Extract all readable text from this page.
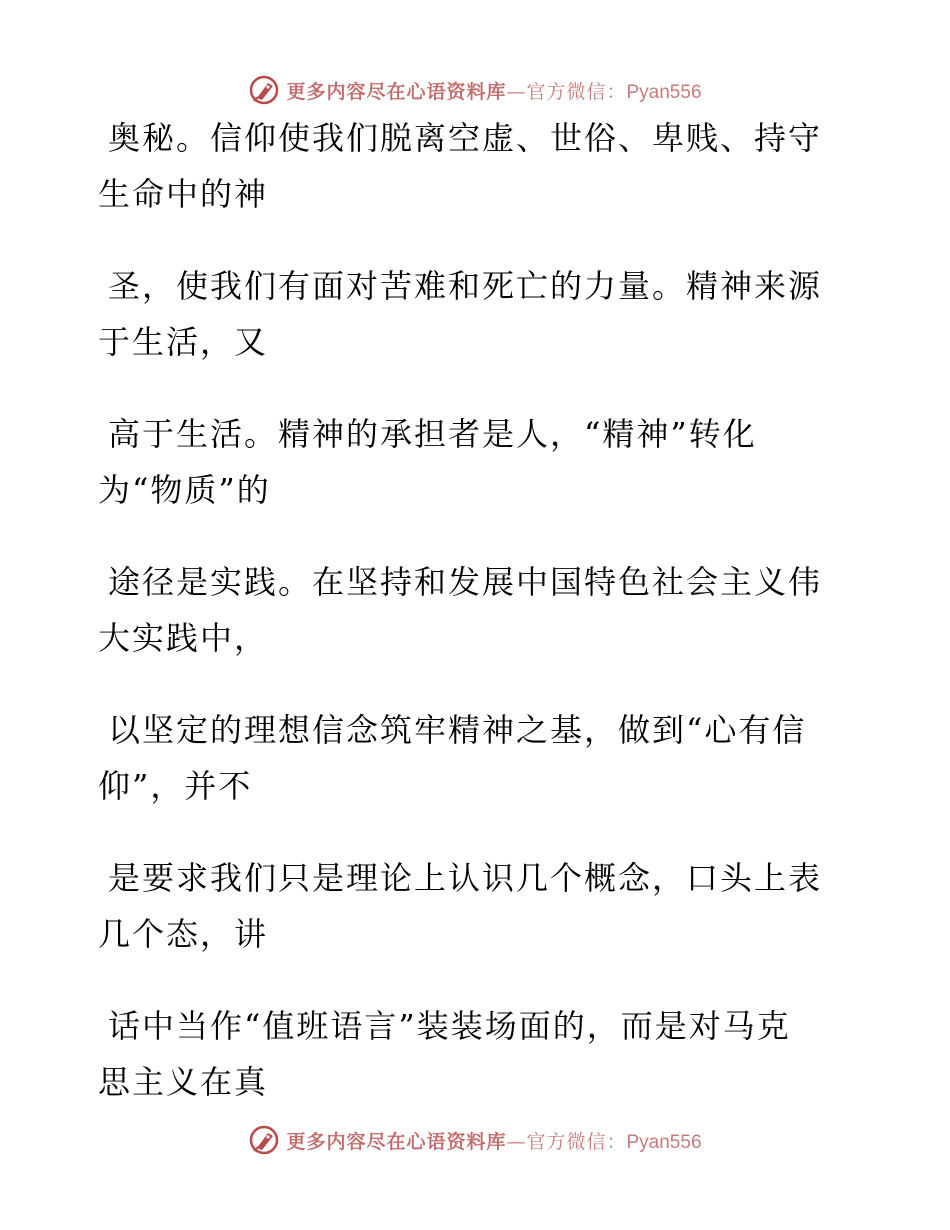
更多内容尽在心语资料库—官方微信：Pyan556
奥秘。信仰使我们脱离空虚、世俗、卑贱、持守
生命中的神
圣，使我们有面对苦难和死亡的力量。精神来源
于生活，又
高于生活。精神的承担者是人，“精神”转化
为“物质”的
途径是实践。在坚持和发展中国特色社会主义伟
大实践中，
以坚定的理想信念筑牢精神之基，做到“心有信
仰”，并不
是要求我们只是理论上认识几个概念，口头上表
几个态，讲
话中当作“值班语言”装装场面的，而是对马克
思主义在真
更多内容尽在心语资料库—官方微信：Pyan556
